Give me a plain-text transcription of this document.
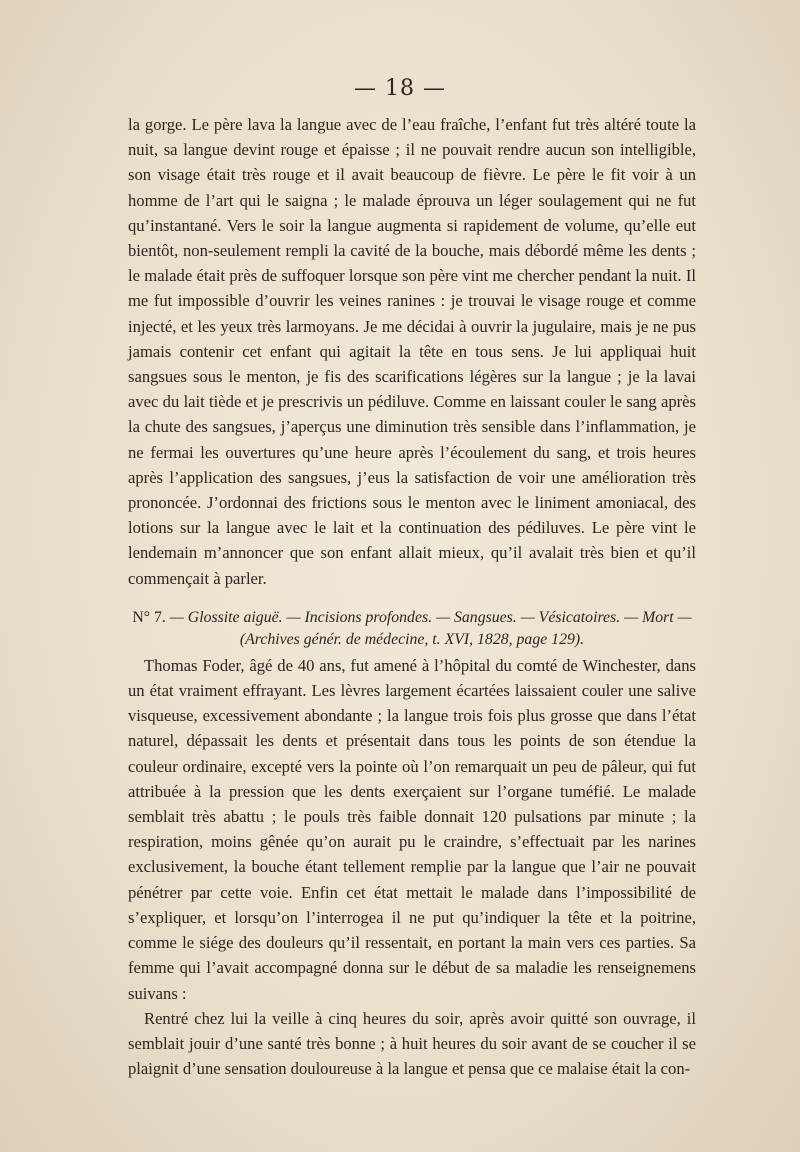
— 18 —

la gorge. Le père lava la langue avec de l’eau fraîche, l’enfant fut très altéré toute la nuit, sa langue devint rouge et épaisse ; il ne pouvait rendre aucun son intelligible, son visage était très rouge et il avait beaucoup de fièvre. Le père le fit voir à un homme de l’art qui le saigna ; le malade éprouva un léger soulagement qui ne fut qu’instantané. Vers le soir la langue augmenta si rapidement de volume, qu’elle eut bientôt, non-seulement rempli la cavité de la bouche, mais débordé même les dents ; le malade était près de suffoquer lorsque son père vint me chercher pendant la nuit. Il me fut impossible d’ouvrir les veines ranines : je trouvai le visage rouge et comme injecté, et les yeux très larmoyans. Je me décidai à ouvrir la jugulaire, mais je ne pus jamais contenir cet enfant qui agitait la tête en tous sens. Je lui appliquai huit sangsues sous le menton, je fis des scarifications légères sur la langue ; je la lavai avec du lait tiède et je prescrivis un pédiluve. Comme en laissant couler le sang après la chute des sangsues, j’aperçus une diminution très sensible dans l’inflammation, je ne fermai les ouvertures qu’une heure après l’écoulement du sang, et trois heures après l’application des sangsues, j’eus la satisfaction de voir une amélioration très prononcée. J’ordonnai des frictions sous le menton avec le liniment amoniacal, des lotions sur la langue avec le lait et la continuation des pédiluves. Le père vint le lendemain m’annoncer que son enfant allait mieux, qu’il avalait très bien et qu’il commençait à parler.

N° 7. — Glossite aiguë. — Incisions profondes. — Sangsues. — Vésicatoires. — Mort — (Archives génér. de médecine, t. XVI, 1828, page 129).

Thomas Foder, âgé de 40 ans, fut amené à l’hôpital du comté de Winchester, dans un état vraiment effrayant. Les lèvres largement écartées laissaient couler une salive visqueuse, excessivement abondante ; la langue trois fois plus grosse que dans l’état naturel, dépassait les dents et présentait dans tous les points de son étendue la couleur ordinaire, excepté vers la pointe où l’on remarquait un peu de pâleur, qui fut attribuée à la pression que les dents exerçaient sur l’organe tuméfié. Le malade semblait très abattu ; le pouls très faible donnait 120 pulsations par minute ; la respiration, moins gênée qu’on aurait pu le craindre, s’effectuait par les narines exclusivement, la bouche étant tellement remplie par la langue que l’air ne pouvait pénétrer par cette voie. Enfin cet état mettait le malade dans l’impossibilité de s’expliquer, et lorsqu’on l’interrogea il ne put qu’indiquer la tête et la poitrine, comme le siége des douleurs qu’il ressentait, en portant la main vers ces parties. Sa femme qui l’avait accompagné donna sur le début de sa maladie les renseignemens suivans :

Rentré chez lui la veille à cinq heures du soir, après avoir quitté son ouvrage, il semblait jouir d’une santé très bonne ; à huit heures du soir avant de se coucher il se plaignit d’une sensation douloureuse à la langue et pensa que ce malaise était la con-
